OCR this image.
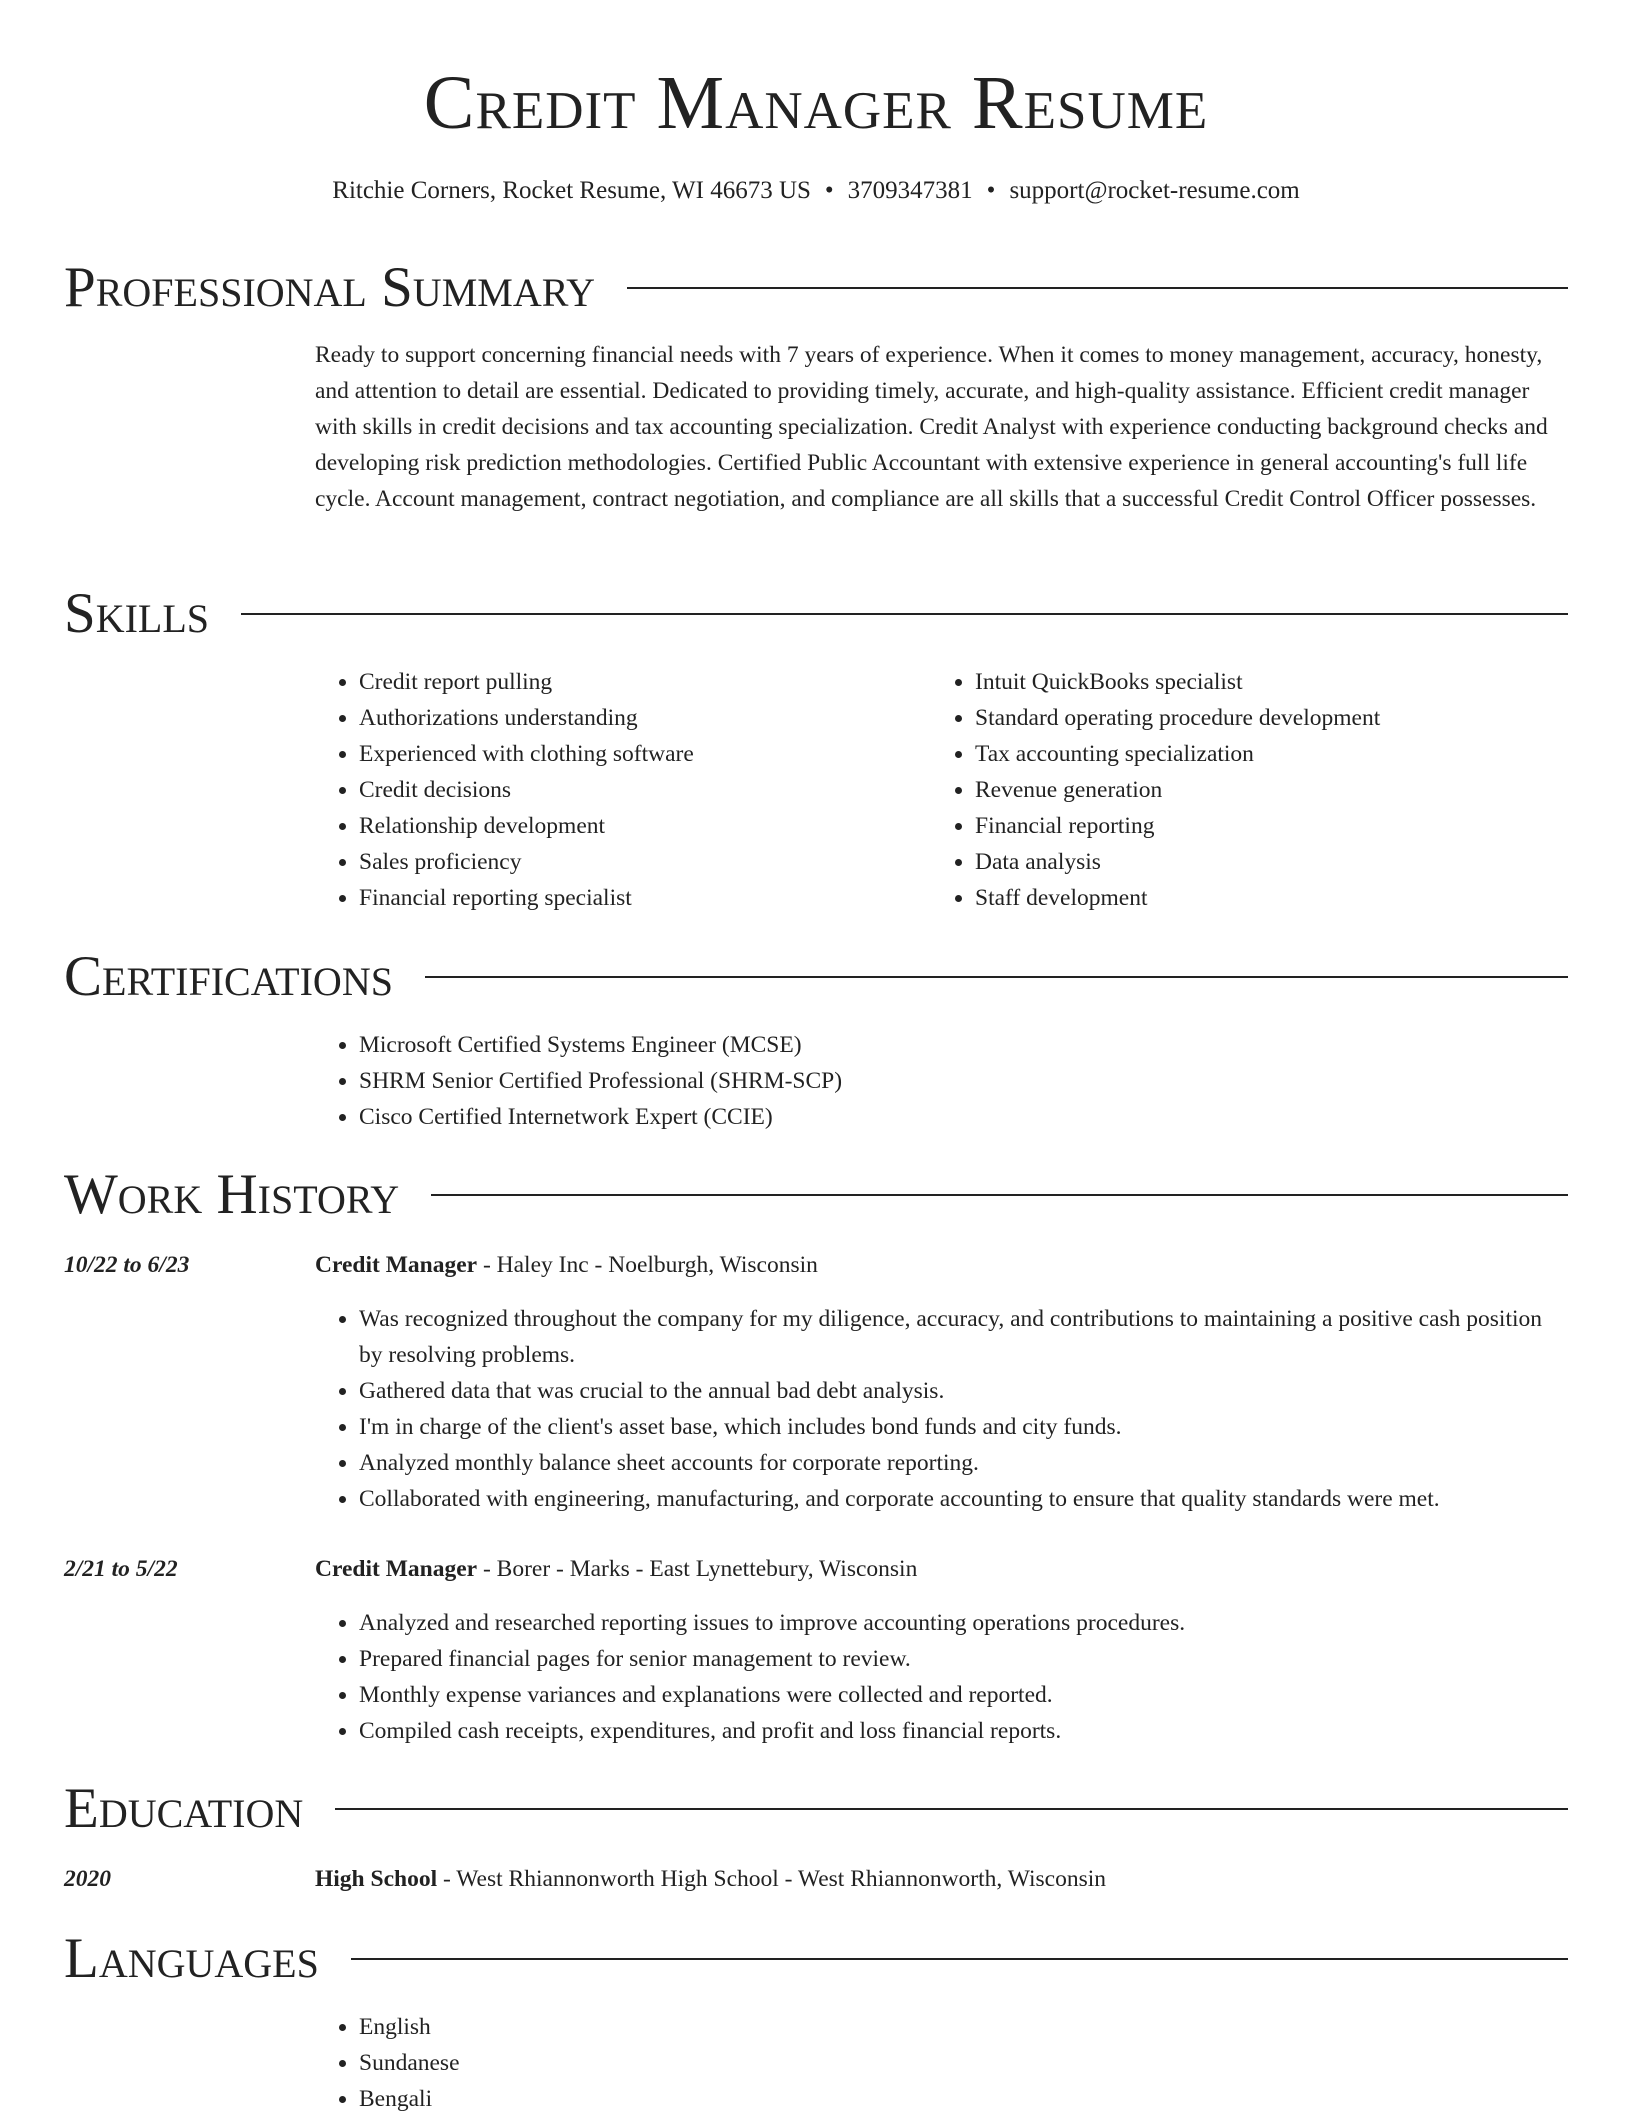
Credit Manager Resume
Ritchie Corners, Rocket Resume, WI 46673 US • 3709347381 • support@rocket-resume.com
Professional Summary

Ready to support concerning financial needs with 7 years of experience. When it comes to money management, accuracy, honesty, and attention to detail are essential. Dedicated to providing timely, accurate, and high-quality assistance. Efficient credit manager with skills in credit decisions and tax accounting specialization. Credit Analyst with experience conducting background checks and developing risk prediction methodologies. Certified Public Accountant with extensive experience in general accounting's full life cycle. Account management, contract negotiation, and compliance are all skills that a successful Credit Control Officer possesses.

Skills
• Credit report pulling
• Authorizations understanding
• Experienced with clothing software
• Credit decisions
• Relationship development
• Sales proficiency
• Financial reporting specialist
• Intuit QuickBooks specialist
• Standard operating procedure development
• Tax accounting specialization
• Revenue generation
• Financial reporting
• Data analysis
• Staff development
Certifications
• Microsoft Certified Systems Engineer (MCSE)
• SHRM Senior Certified Professional (SHRM-SCP)
• Cisco Certified Internetwork Expert (CCIE)
Work History
10/22 to 6/23	Credit Manager - Haley Inc - Noelburgh, Wisconsin
• Was recognized throughout the company for my diligence, accuracy, and contributions to maintaining a positive cash position by resolving problems.
• Gathered data that was crucial to the annual bad debt analysis.
• I'm in charge of the client's asset base, which includes bond funds and city funds.
• Analyzed monthly balance sheet accounts for corporate reporting.
• Collaborated with engineering, manufacturing, and corporate accounting to ensure that quality standards were met.
2/21 to 5/22	Credit Manager - Borer - Marks - East Lynettebury, Wisconsin
• Analyzed and researched reporting issues to improve accounting operations procedures.
• Prepared financial pages for senior management to review.
• Monthly expense variances and explanations were collected and reported.
• Compiled cash receipts, expenditures, and profit and loss financial reports.
Education
2020	High School - West Rhiannonworth High School - West Rhiannonworth, Wisconsin
Languages
• English
• Sundanese
• Bengali
